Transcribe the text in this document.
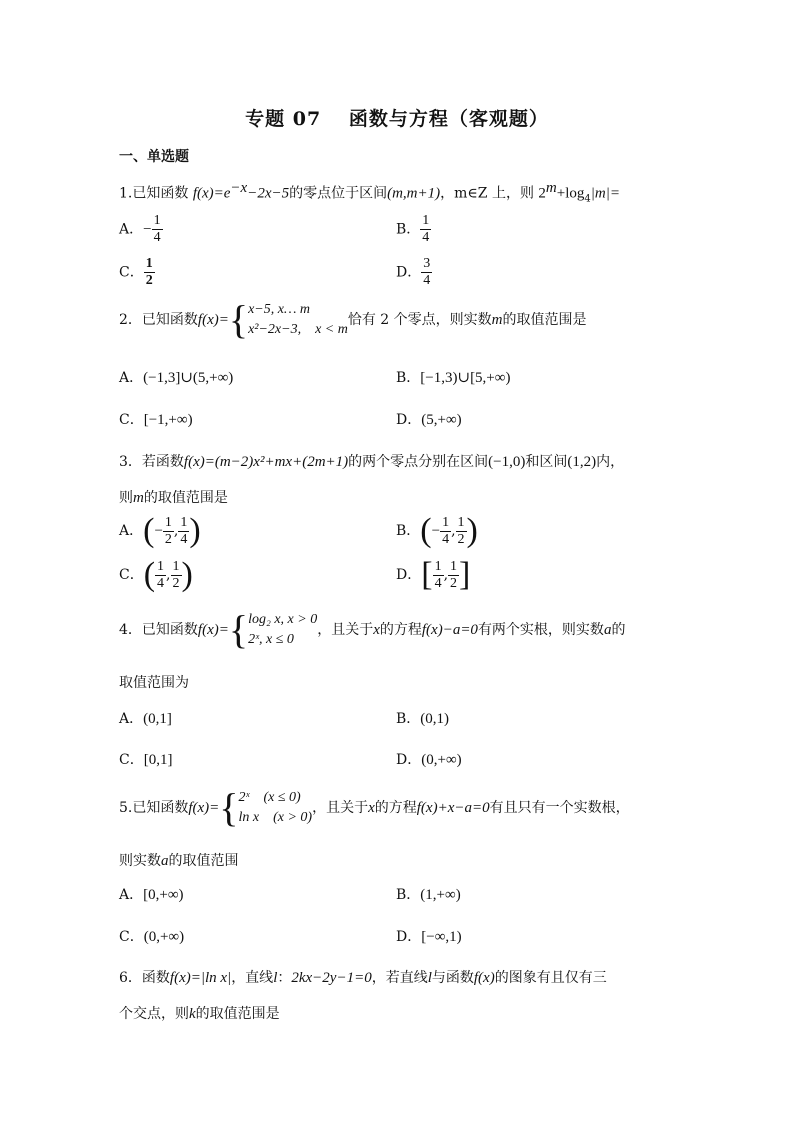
专题 07　 函数与方程（客观题）
一、单选题
1.已知函数 $f(x)=e^{-x}-2x-5$的零点位于区间(m,m+1)，m∈Z 上，则 $2^m+\log_4|m|=$
A．− $\frac{1}{4}$	B． $\frac{1}{4}$
C． $\frac{1}{2}$	D． $\frac{3}{4}$
2．已知函数f(x)={ x−5, x… m
x²−2x−3,　x < m
恰有 2 个零点，则实数m的取值范围是
A．(−1,3]∪(5,+∞)	B．[−1,3)∪[5,+∞)
C．[−1,+∞)	D．(5,+∞)
3．若函数f(x)=(m−2)x²+mx+(2m+1)的两个零点分别在区间(−1,0)和区间(1,2)内，
则m的取值范围是
A．(− $\frac{1}{2}$ , $\frac{1}{4}$ )	B．(− $\frac{1}{4}$ , $\frac{1}{2}$ )
C．( $\frac{1}{4}$ , $\frac{1}{2}$ )	D．[ $\frac{1}{4}$ , $\frac{1}{2}$ ]
4．已知函数f(x)={ log₂ x, x > 0
2ˣ, x ≤ 0
，且关于x的方程f(x)−a=0有两个实根，则实数a的
取值范围为
A．(0,1]	B．(0,1)
C．[0,1]	D．(0,+∞)
5.已知函数f(x)={ 2ˣ　(x ≤ 0)
ln x　(x > 0)
，且关于x的方程f(x)+x−a=0有且只有一个实数根，
则实数a的取值范围
A．[0,+∞)	B．(1,+∞)
C．(0,+∞)	D．[−∞,1)
6．函数f(x)=|ln x|，直线l：2kx−2y−1=0，若直线l与函数f(x)的图象有且仅有三
个交点，则k的取值范围是
